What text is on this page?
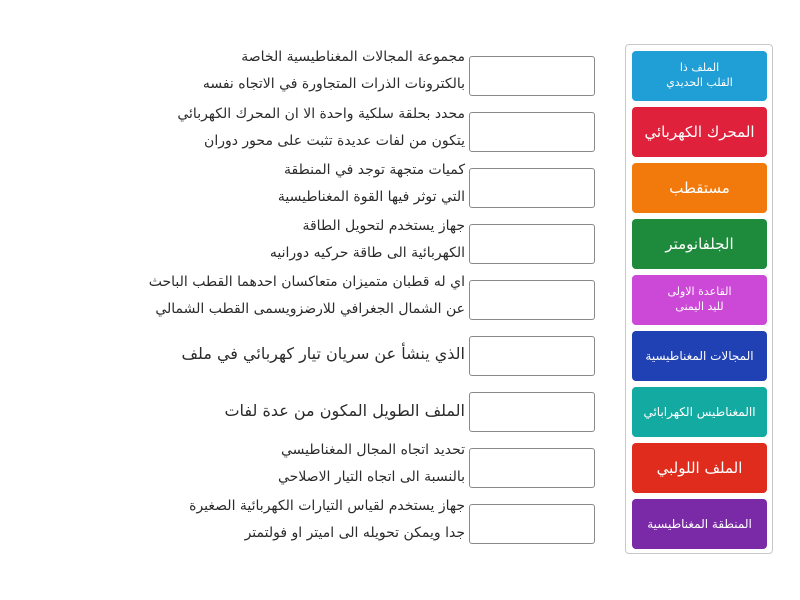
مجموعة المجالات المغناطيسية الخاصة
بالكترونات الذرات المتجاورة في الاتجاه نفسه
محدد بحلقة سلكية واحدة الا ان المحرك الكهربائي
يتكون من لفات عديدة تثبت على محور دوران
كميات متجهة توجد في المنطقة
التي توثر فيها القوة المغناطيسية
جهاز يستخدم لتحويل الطاقة
الكهربائية الى طاقة حركيه دورانيه
اي له قطبان متميزان متعاكسان احدهما القطب الباحث
عن الشمال الجغرافي للارضزويسمى القطب الشمالي
الذي ينشأ عن سريان تيار كهربائي في ملف
الملف الطويل المكون من عدة لفات
تحديد اتجاه المجال المغناطيسي
بالنسبة الى اتجاه التيار الاصلاحي
جهاز يستخدم لقياس التيارات الكهربائية الصغيرة
جدا ويمكن تحويله الى اميتر او فولتمتر
الملف ذا
القلب الحديدي
المحرك الكهربائي
مستقطب
الجلفانومتر
القاعدة الاولى
لليد اليمنى
المجالات المغناطيسية
االمغناطيس الكهرابائي
الملف اللولبي
المنطقة المغناطيسية
